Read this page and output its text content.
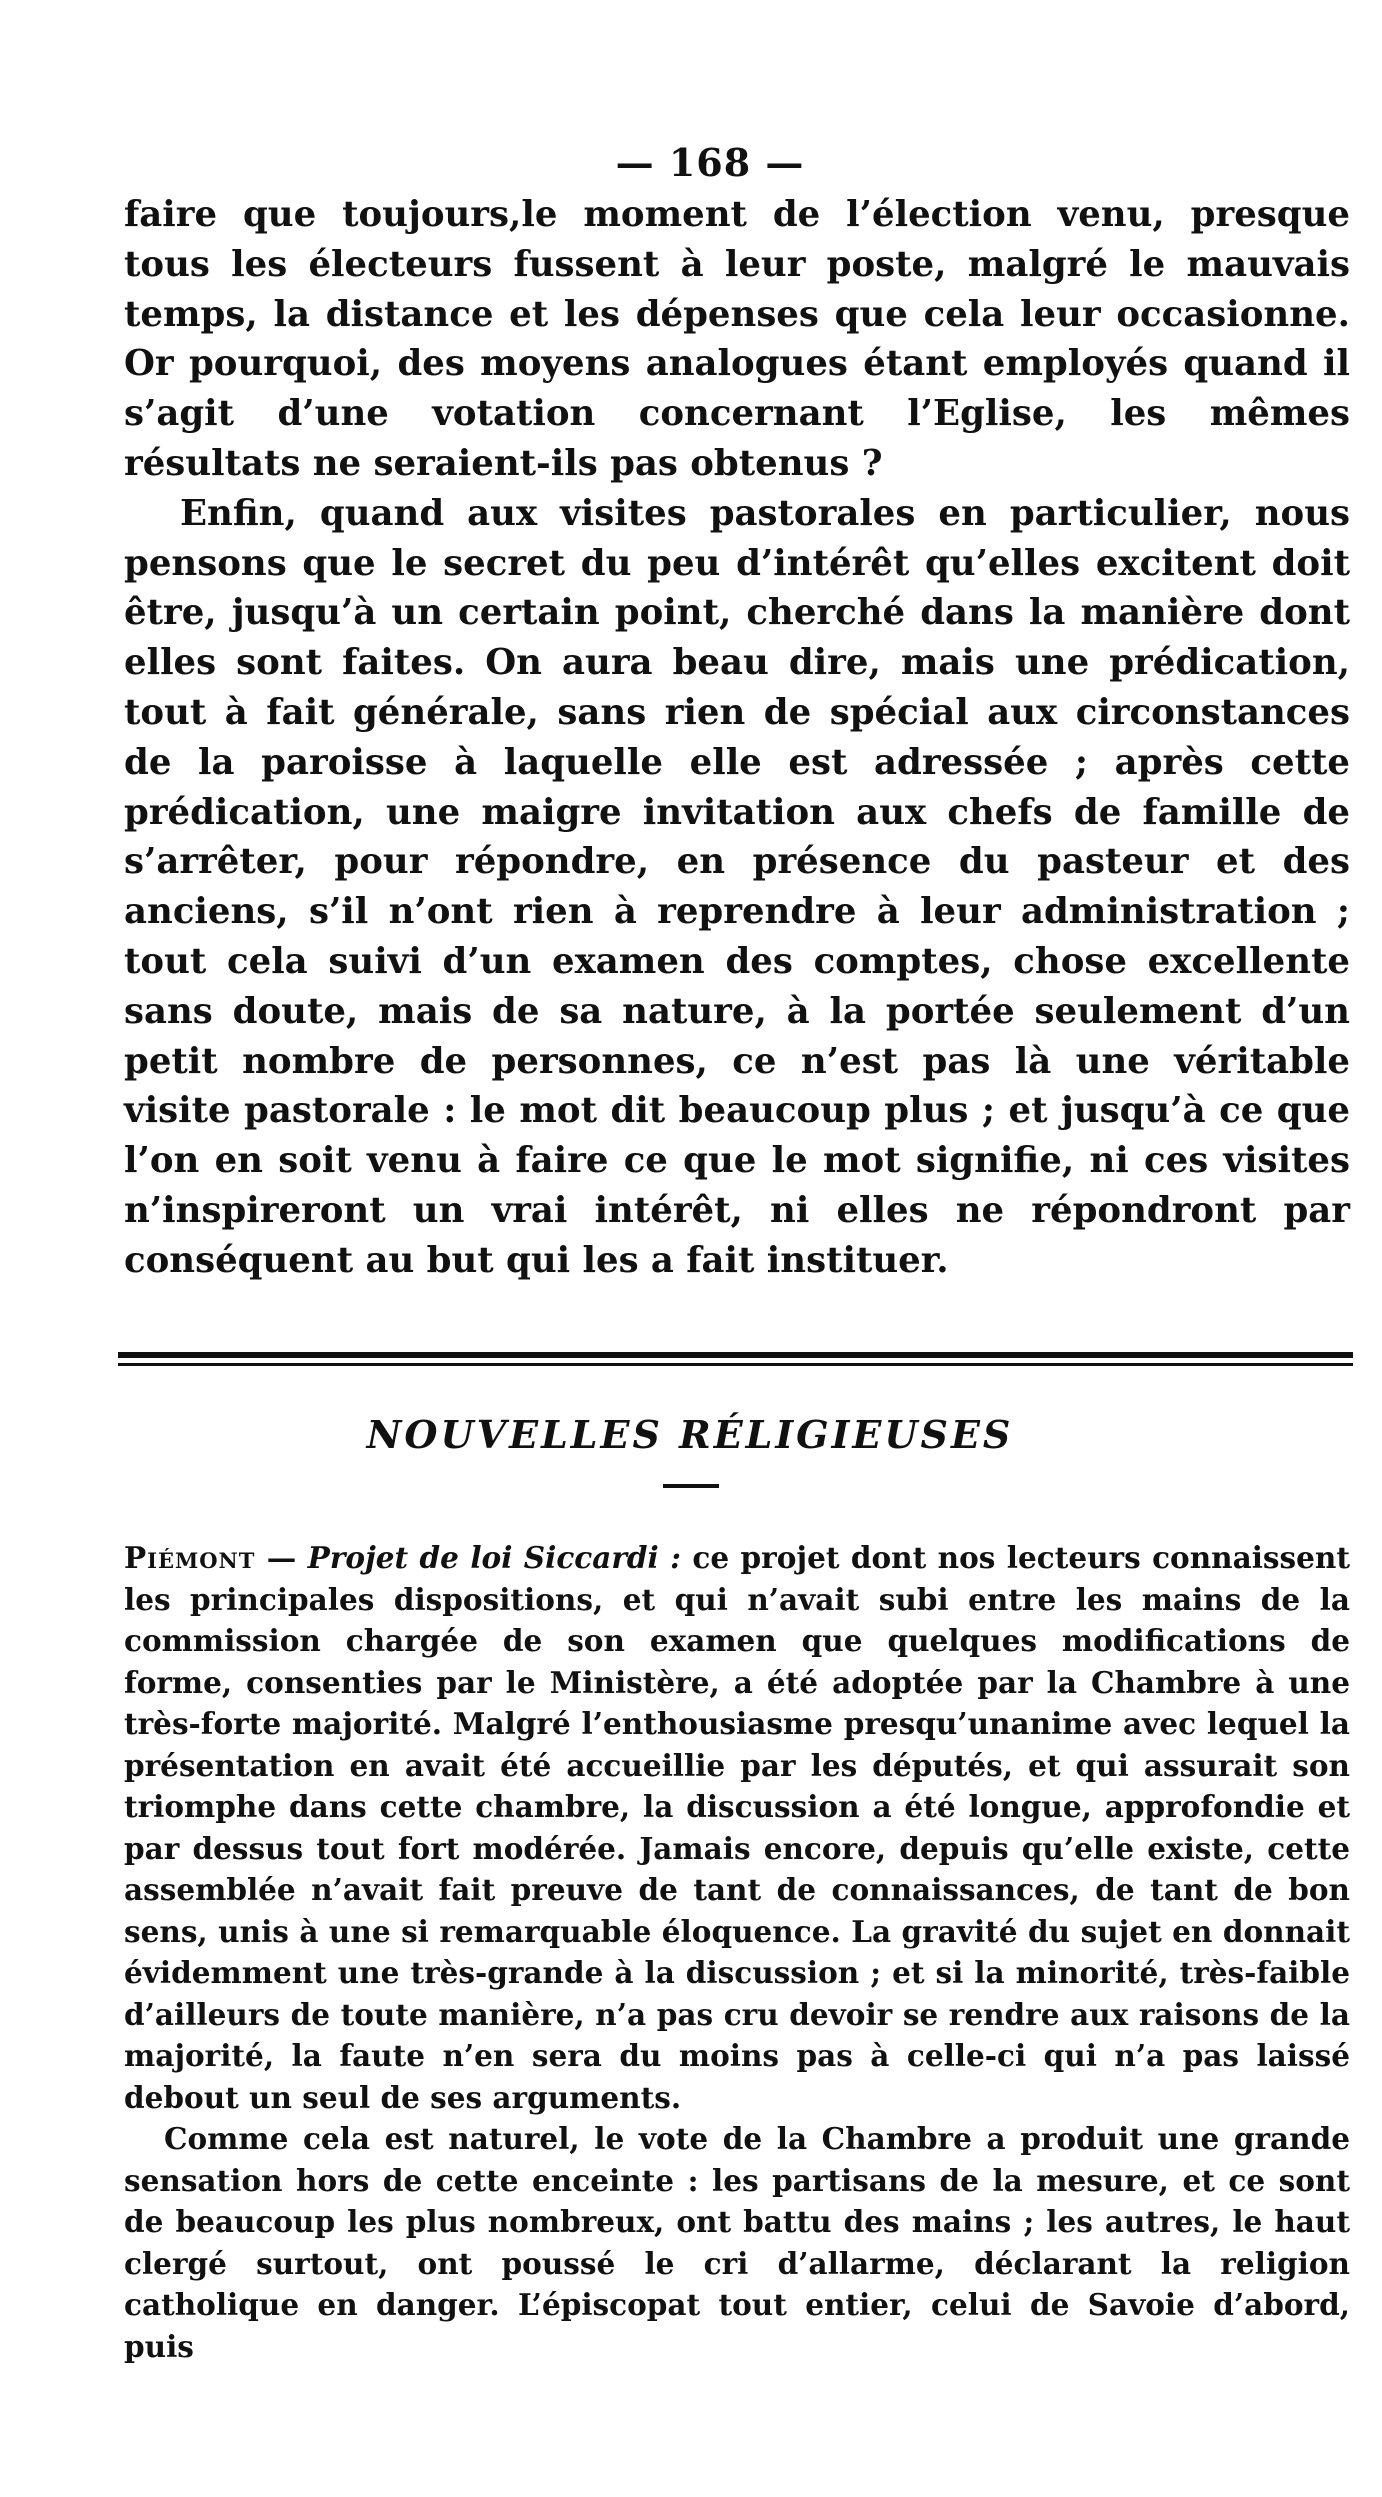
— 168 —

faire que toujours,le moment de l’élection venu, presque tous les électeurs fussent à leur poste, malgré le mauvais temps, la distance et les dépenses que cela leur occasionne. Or pourquoi, des moyens analogues étant employés quand il s’agit d’une votation concernant l’Eglise, les mêmes résultats ne seraient-ils pas obtenus ?

Enfin, quand aux visites pastorales en particulier, nous pensons que le secret du peu d’intérêt qu’elles excitent doit être, jusqu’à un certain point, cherché dans la manière dont elles sont faites. On aura beau dire, mais une prédication, tout à fait générale, sans rien de spécial aux circonstances de la paroisse à laquelle elle est adressée ; après cette prédication, une maigre invitation aux chefs de famille de s’arrêter, pour répondre, en présence du pasteur et des anciens, s’il n’ont rien à reprendre à leur administration ; tout cela suivi d’un examen des comptes, chose excellente sans doute, mais de sa nature, à la portée seulement d’un petit nombre de personnes, ce n’est pas là une véritable visite pastorale : le mot dit beaucoup plus ; et jusqu’à ce que l’on en soit venu à faire ce que le mot signifie, ni ces visites n’inspireront un vrai intérêt, ni elles ne répondront par conséquent au but qui les a fait instituer.

NOUVELLES RÉLIGIEUSES

Piémont — Projet de loi Siccardi : ce projet dont nos lecteurs connaissent les principales dispositions, et qui n’avait subi entre les mains de la commission chargée de son examen que quelques modifications de forme, consenties par le Ministère, a été adoptée par la Chambre à une très-forte majorité. Malgré l’enthousiasme presqu’unanime avec lequel la présentation en avait été accueillie par les députés, et qui assurait son triomphe dans cette chambre, la discussion a été longue, approfondie et par dessus tout fort modérée. Jamais encore, depuis qu’elle existe, cette assemblée n’avait fait preuve de tant de connaissances, de tant de bon sens, unis à une si remarquable éloquence. La gravité du sujet en donnait évidemment une très-grande à la discussion ; et si la minorité, très-faible d’ailleurs de toute manière, n’a pas cru devoir se rendre aux raisons de la majorité, la faute n’en sera du moins pas à celle-ci qui n’a pas laissé debout un seul de ses arguments.

Comme cela est naturel, le vote de la Chambre a produit une grande sensation hors de cette enceinte : les partisans de la mesure, et ce sont de beaucoup les plus nombreux, ont battu des mains ; les autres, le haut clergé surtout, ont poussé le cri d’allarme, déclarant la religion catholique en danger. L’épiscopat tout entier, celui de Savoie d’abord, puis
